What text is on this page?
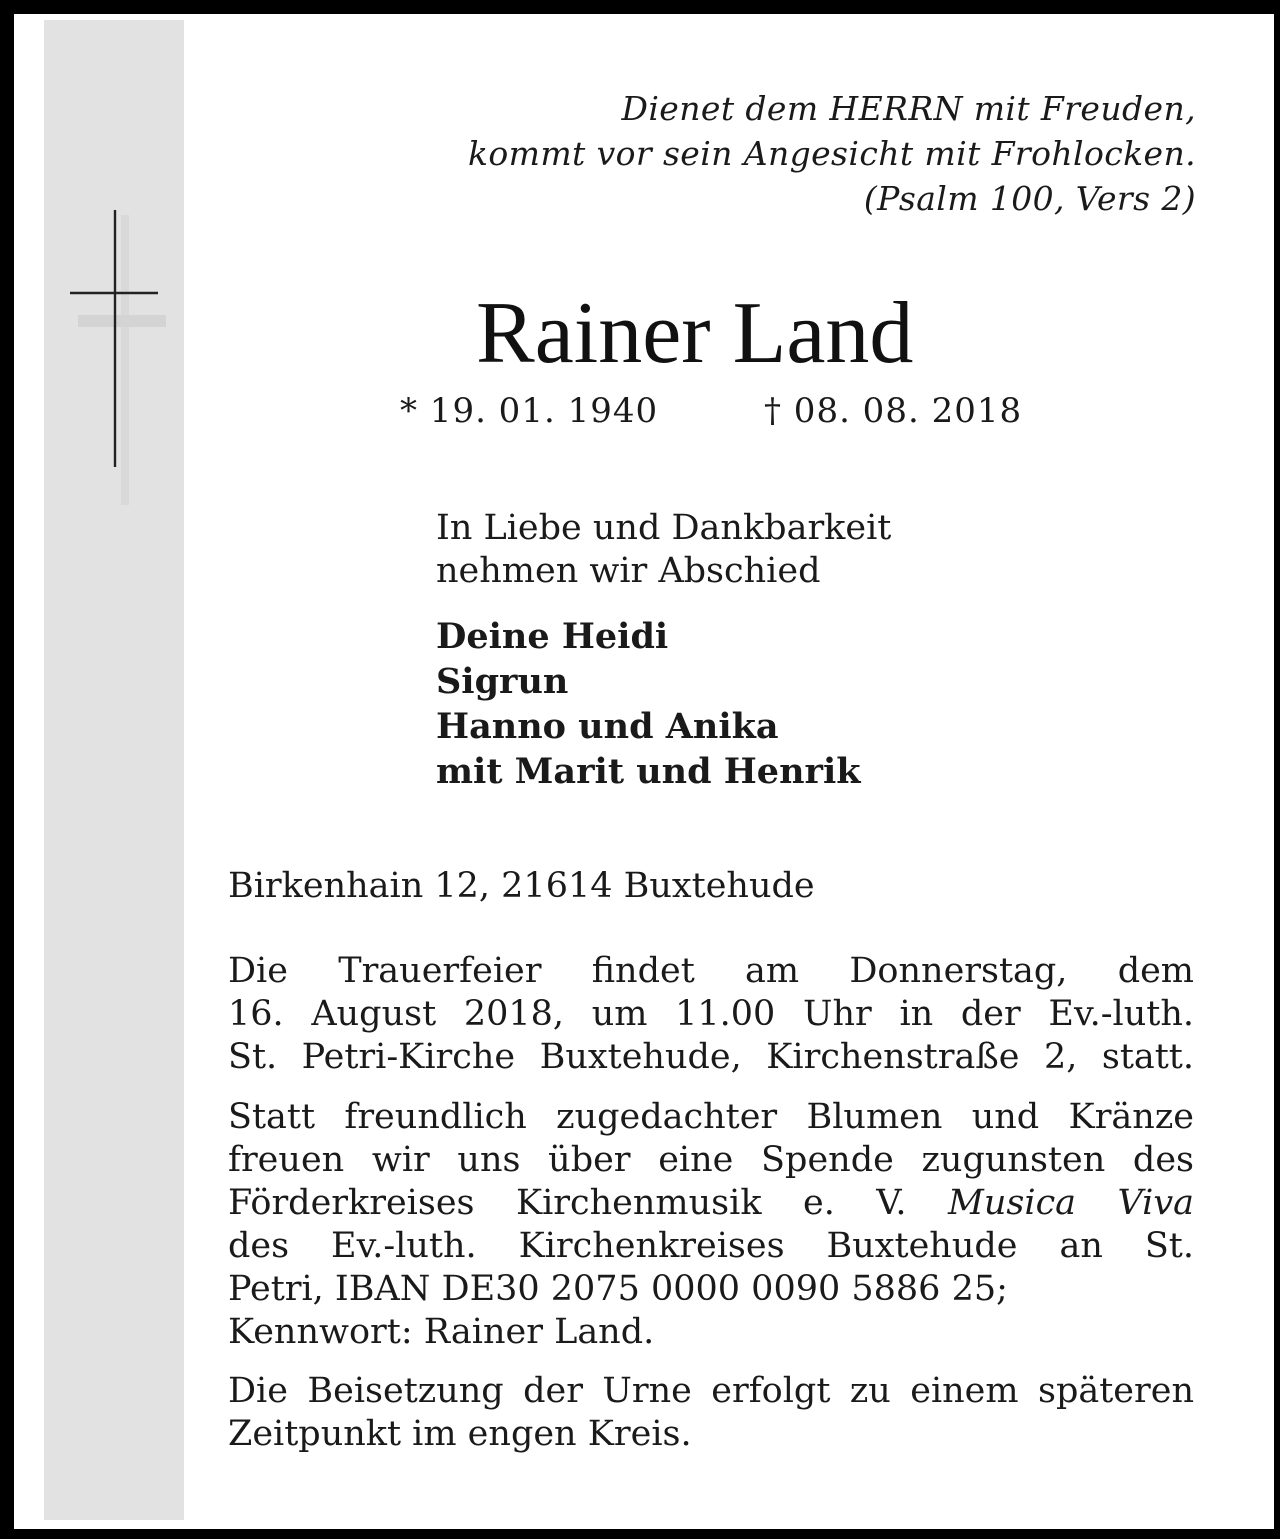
Dienet dem HERRN mit Freuden,
kommt vor sein Angesicht mit Frohlocken.
(Psalm 100, Vers 2)
Rainer Land
* 19. 01. 1940	† 08. 08. 2018
In Liebe und Dankbarkeit
nehmen wir Abschied
Deine Heidi
Sigrun
Hanno und Anika
mit Marit und Henrik
Birkenhain 12, 21614 Buxtehude
Die Trauerfeier findet am Donnerstag, dem
16. August 2018, um 11.00 Uhr in der Ev.-luth.
St. Petri-Kirche Buxtehude, Kirchenstraße 2, statt.
Statt freundlich zugedachter Blumen und Kränze
freuen wir uns über eine Spende zugunsten des
Förderkreises Kirchenmusik e. V. Musica Viva
des Ev.-luth. Kirchenkreises Buxtehude an St.
Petri, IBAN DE30 2075 0000 0090 5886 25;
Kennwort: Rainer Land.
Die Beisetzung der Urne erfolgt zu einem späteren
Zeitpunkt im engen Kreis.
